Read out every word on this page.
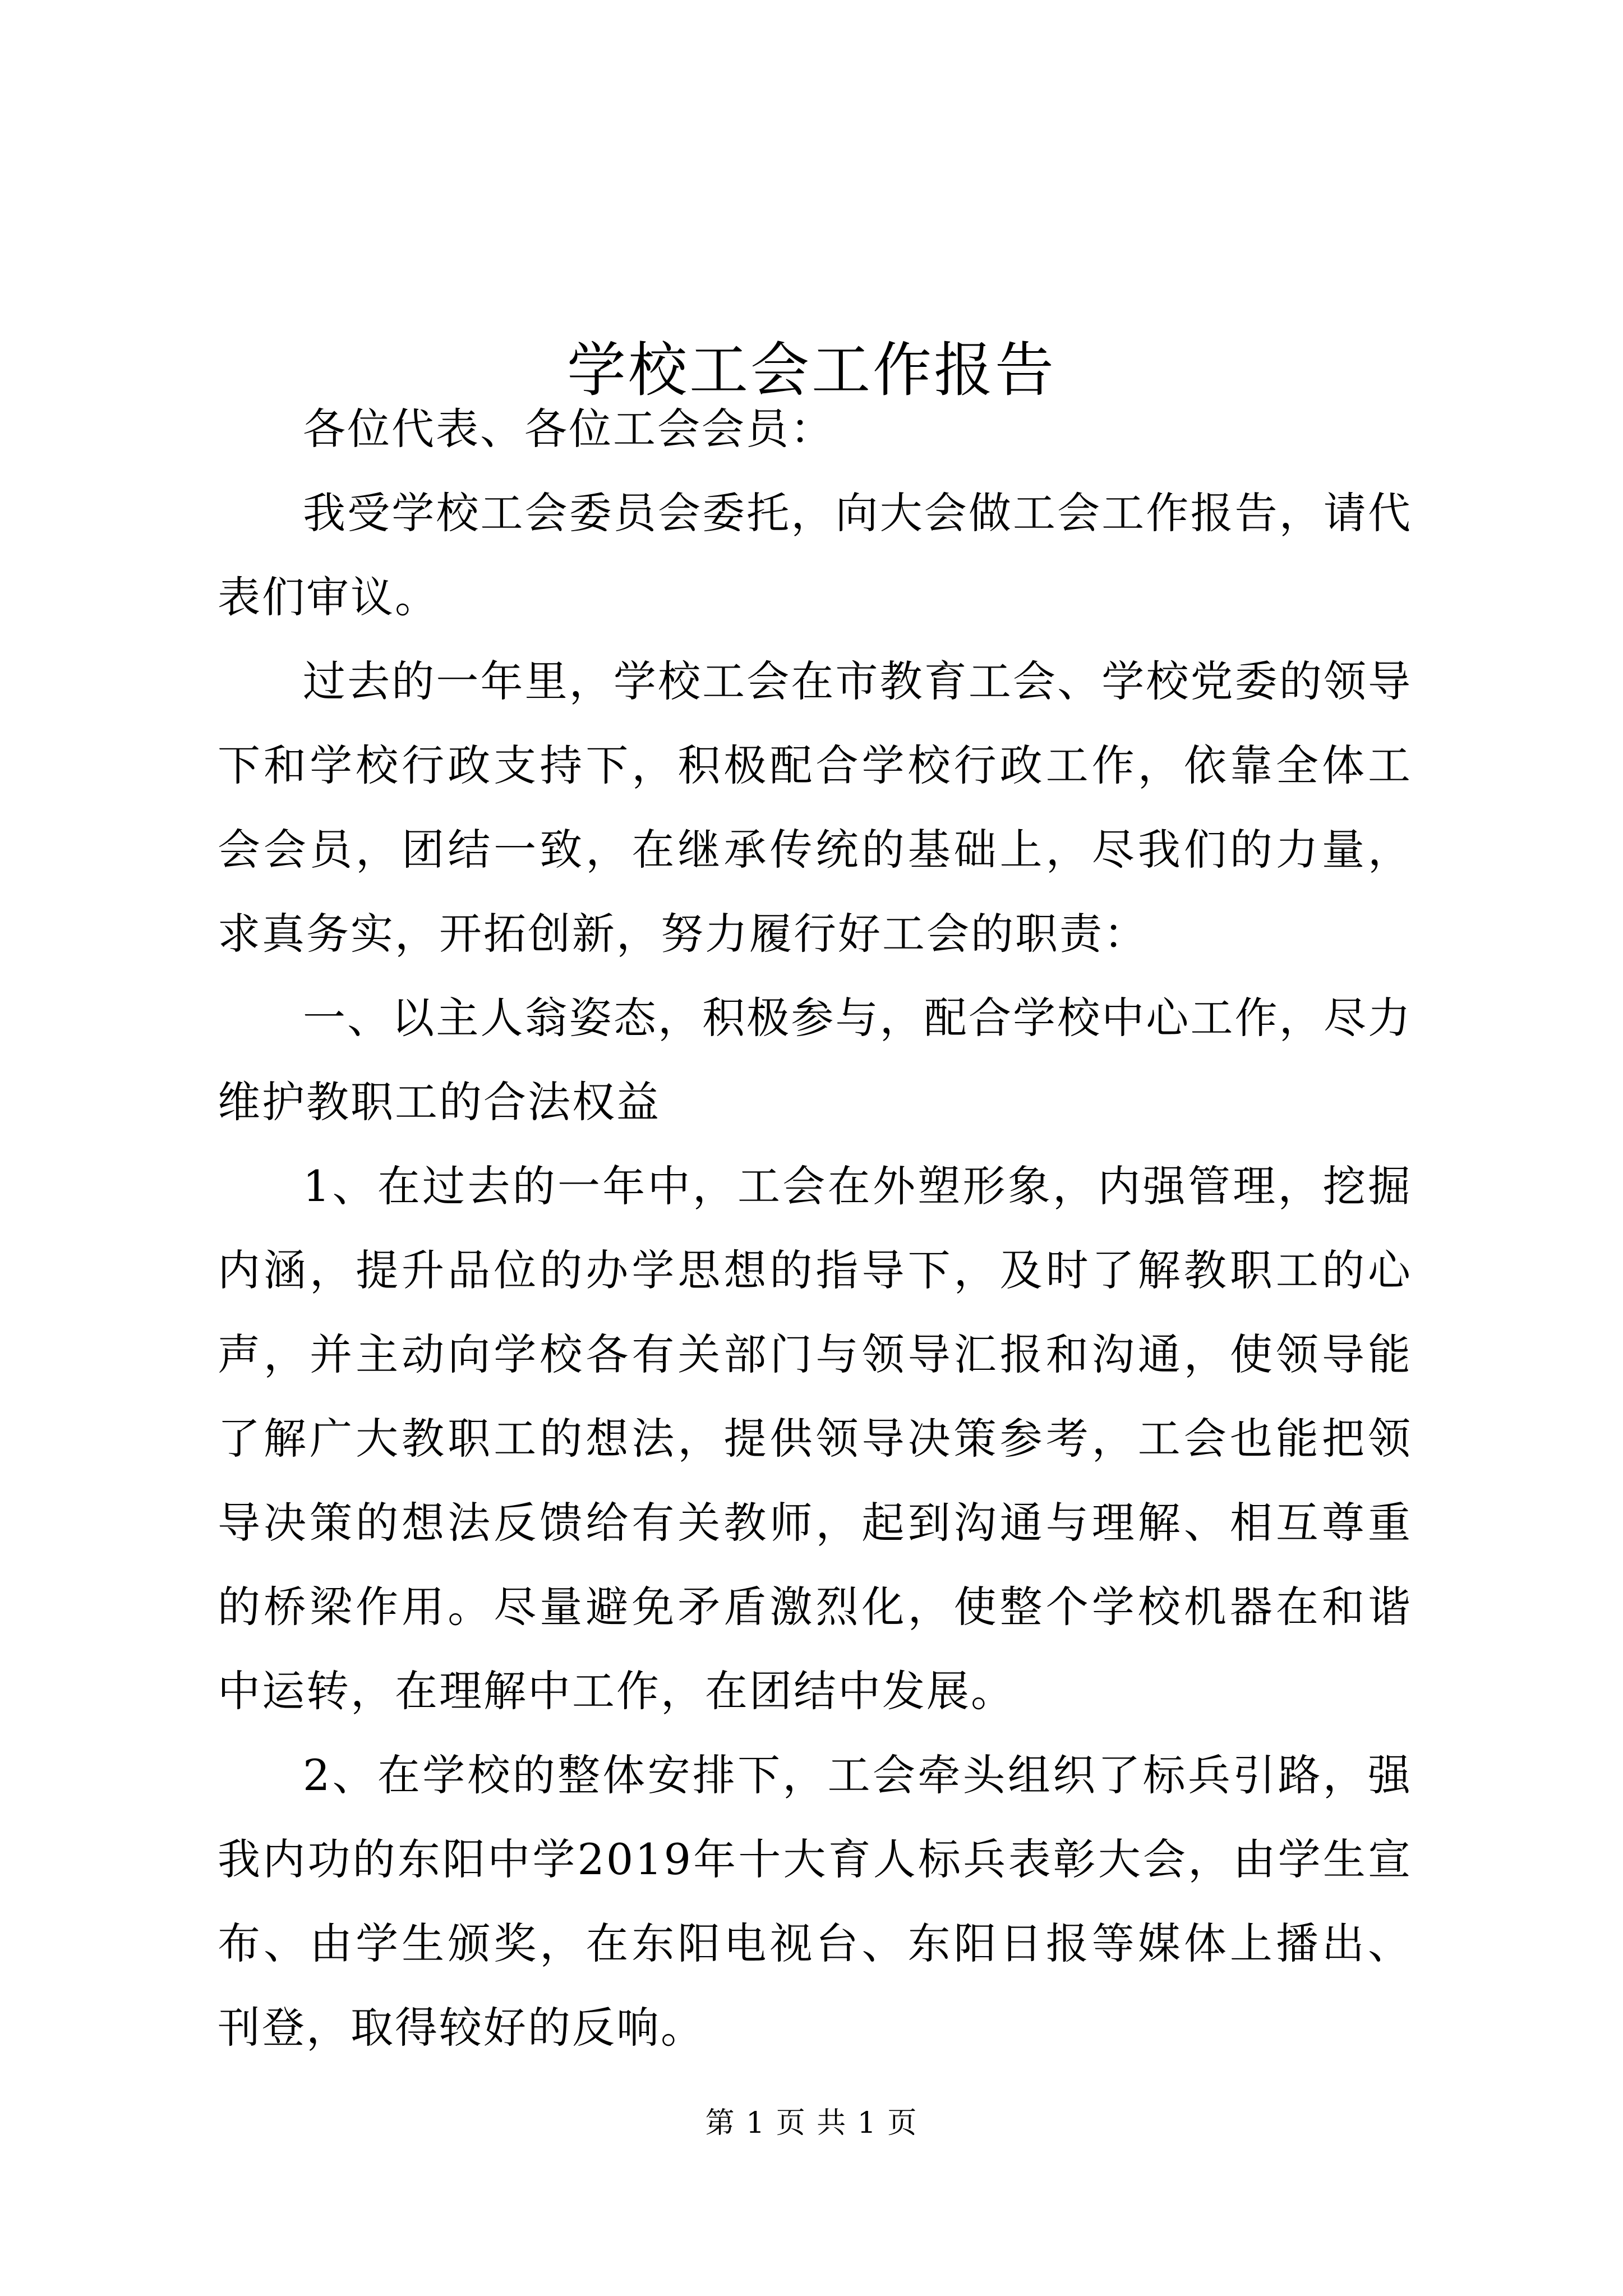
学校工会工作报告

各位代表、各位工会会员：

我受学校工会委员会委托，向大会做工会工作报告，请代表们审议。

过去的一年里，学校工会在市教育工会、学校党委的领导下和学校行政支持下，积极配合学校行政工作，依靠全体工会会员，团结一致，在继承传统的基础上，尽我们的力量，求真务实，开拓创新，努力履行好工会的职责：

一、以主人翁姿态，积极参与，配合学校中心工作，尽力维护教职工的合法权益

1、在过去的一年中，工会在外塑形象，内强管理，挖掘内涵，提升品位的办学思想的指导下，及时了解教职工的心声，并主动向学校各有关部门与领导汇报和沟通，使领导能了解广大教职工的想法，提供领导决策参考，工会也能把领导决策的想法反馈给有关教师，起到沟通与理解、相互尊重的桥梁作用。尽量避免矛盾激烈化，使整个学校机器在和谐中运转，在理解中工作，在团结中发展。

2、在学校的整体安排下，工会牵头组织了标兵引路，强我内功的东阳中学2019年十大育人标兵表彰大会，由学生宣布、由学生颁奖，在东阳电视台、东阳日报等媒体上播出、刊登，取得较好的反响。

第 1 页 共 1 页
